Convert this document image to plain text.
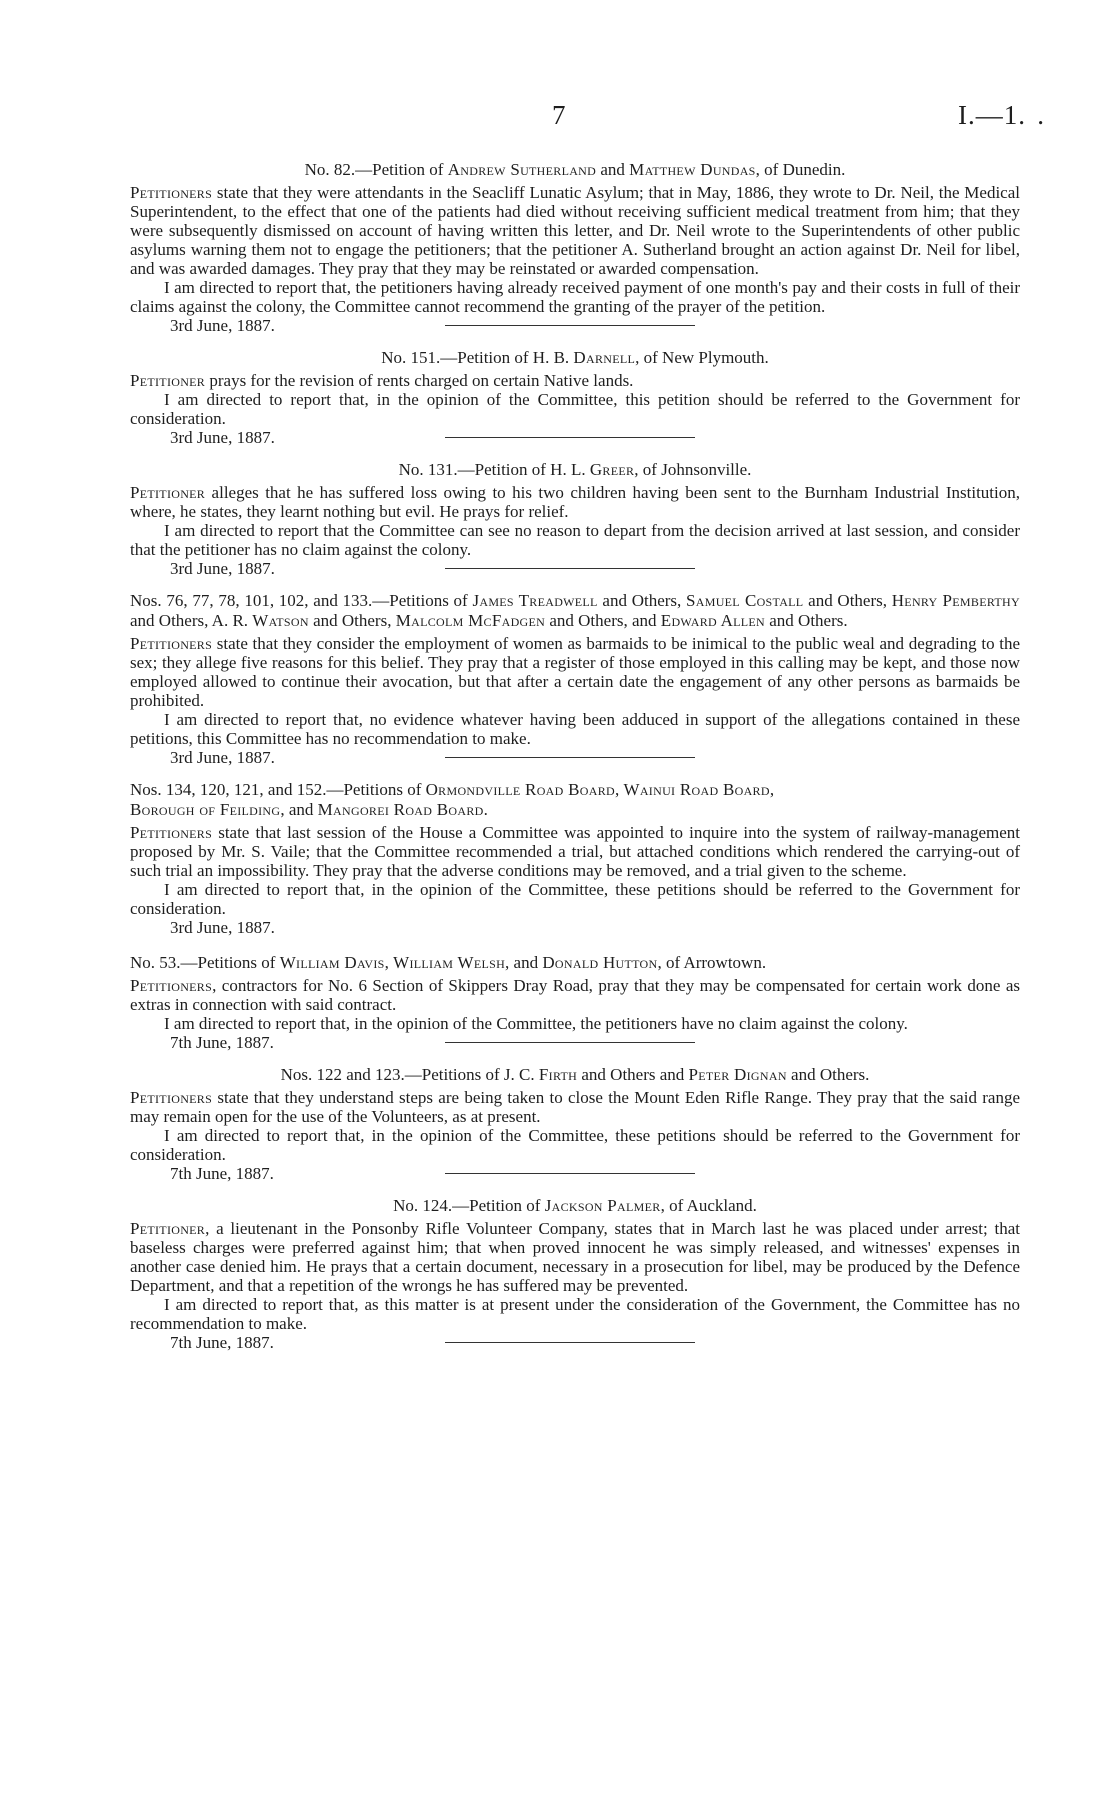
7	I.—1. .
No. 82.—Petition of Andrew Sutherland and Matthew Dundas, of Dunedin.

Petitioners state that they were attendants in the Seacliff Lunatic Asylum; that in May, 1886, they wrote to Dr. Neil, the Medical Superintendent, to the effect that one of the patients had died without receiving sufficient medical treatment from him; that they were subsequently dismissed on account of having written this letter, and Dr. Neil wrote to the Superintendents of other public asylums warning them not to engage the petitioners; that the petitioner A. Sutherland brought an action against Dr. Neil for libel, and was awarded damages. They pray that they may be reinstated or awarded compensation.

I am directed to report that, the petitioners having already received payment of one month's pay and their costs in full of their claims against the colony, the Committee cannot recommend the granting of the prayer of the petition.

3rd June, 1887.
No. 151.—Petition of H. B. Darnell, of New Plymouth.

Petitioner prays for the revision of rents charged on certain Native lands.

I am directed to report that, in the opinion of the Committee, this petition should be referred to the Government for consideration.

3rd June, 1887.
No. 131.—Petition of H. L. Greer, of Johnsonville.

Petitioner alleges that he has suffered loss owing to his two children having been sent to the Burnham Industrial Institution, where, he states, they learnt nothing but evil. He prays for relief.

I am directed to report that the Committee can see no reason to depart from the decision arrived at last session, and consider that the petitioner has no claim against the colony.

3rd June, 1887.
Nos. 76, 77, 78, 101, 102, and 133.—Petitions of James Treadwell and Others, Samuel Costall and Others, Henry Pemberthy and Others, A. R. Watson and Others, Malcolm McFadgen and Others, and Edward Allen and Others.

Petitioners state that they consider the employment of women as barmaids to be inimical to the public weal and degrading to the sex; they allege five reasons for this belief. They pray that a register of those employed in this calling may be kept, and those now employed allowed to continue their avocation, but that after a certain date the engagement of any other persons as barmaids be prohibited.

I am directed to report that, no evidence whatever having been adduced in support of the allegations contained in these petitions, this Committee has no recommendation to make.

3rd June, 1887.
Nos. 134, 120, 121, and 152.—Petitions of Ormondville Road Board, Wainui Road Board,
Borough of Feilding, and Mangorei Road Board.

Petitioners state that last session of the House a Committee was appointed to inquire into the system of railway-management proposed by Mr. S. Vaile; that the Committee recommended a trial, but attached conditions which rendered the carrying-out of such trial an impossibility. They pray that the adverse conditions may be removed, and a trial given to the scheme.

I am directed to report that, in the opinion of the Committee, these petitions should be referred to the Government for consideration.

3rd June, 1887.
No. 53.—Petitions of William Davis, William Welsh, and Donald Hutton, of Arrowtown.

Petitioners, contractors for No. 6 Section of Skippers Dray Road, pray that they may be compensated for certain work done as extras in connection with said contract.

I am directed to report that, in the opinion of the Committee, the petitioners have no claim against the colony.

7th June, 1887.
Nos. 122 and 123.—Petitions of J. C. Firth and Others and Peter Dignan and Others.

Petitioners state that they understand steps are being taken to close the Mount Eden Rifle Range. They pray that the said range may remain open for the use of the Volunteers, as at present.

I am directed to report that, in the opinion of the Committee, these petitions should be referred to the Government for consideration.

7th June, 1887.
No. 124.—Petition of Jackson Palmer, of Auckland.

Petitioner, a lieutenant in the Ponsonby Rifle Volunteer Company, states that in March last he was placed under arrest; that baseless charges were preferred against him; that when proved innocent he was simply released, and witnesses' expenses in another case denied him. He prays that a certain document, necessary in a prosecution for libel, may be produced by the Defence Department, and that a repetition of the wrongs he has suffered may be prevented.

I am directed to report that, as this matter is at present under the consideration of the Government, the Committee has no recommendation to make.

7th June, 1887.
